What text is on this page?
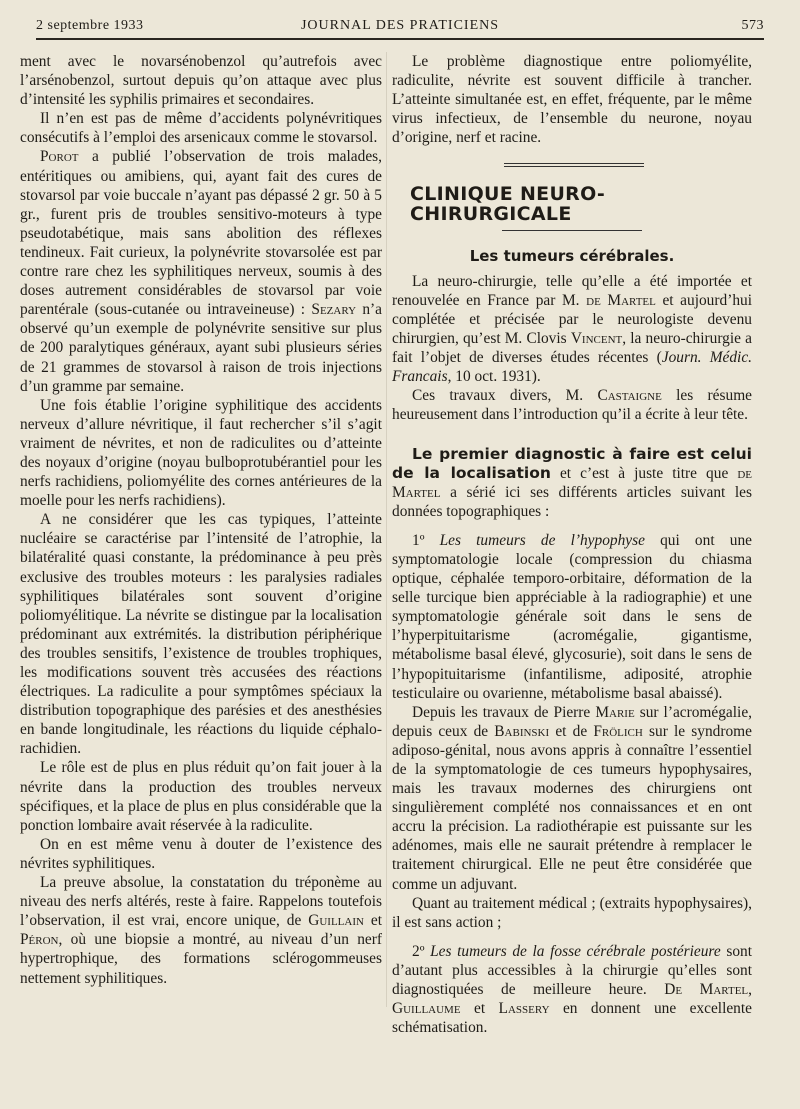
2 septembre 1933	JOURNAL DES PRATICIENS	573

ment avec le novarsénobenzol qu’autrefois avec l’arsénobenzol, surtout depuis qu’on attaque avec plus d’intensité les syphilis primaires et secondaires.

Il n’en est pas de même d’accidents polynévritiques consécutifs à l’emploi des arsenicaux comme le stovarsol.

Porot a publié l’observation de trois malades, entéritiques ou amibiens, qui, ayant fait des cures de stovarsol par voie buccale n’ayant pas dépassé 2 gr. 50 à 5 gr., furent pris de troubles sensitivo-moteurs à type pseudotabétique, mais sans abolition des réflexes tendineux. Fait curieux, la polynévrite stovarsolée est par contre rare chez les syphilitiques nerveux, soumis à des doses autrement considérables de stovarsol par voie parentérale (sous-cutanée ou intraveineuse) : Sezary n’a observé qu’un exemple de polynévrite sensitive sur plus de 200 paralytiques généraux, ayant subi plusieurs séries de 21 grammes de stovarsol à raison de trois injections d’un gramme par semaine.

Une fois établie l’origine syphilitique des accidents nerveux d’allure névritique, il faut rechercher s’il s’agit vraiment de névrites, et non de radiculites ou d’atteinte des noyaux d’origine (noyau bulboprotubérantiel pour les nerfs rachidiens, poliomyélite des cornes antérieures de la moelle pour les nerfs rachidiens).

A ne considérer que les cas typiques, l’atteinte nucléaire se caractérise par l’intensité de l’atrophie, la bilatéralité quasi constante, la prédominance à peu près exclusive des troubles moteurs : les paralysies radiales syphilitiques bilatérales sont souvent d’origine poliomyélitique. La névrite se distingue par la localisation prédominant aux extrémités. la distribution périphérique des troubles sensitifs, l’existence de troubles trophiques, les modifications souvent très accusées des réactions électriques. La radiculite a pour symptômes spéciaux la distribution topographique des parésies et des anesthésies en bande longitudinale, les réactions du liquide céphalo-rachidien.

Le rôle est de plus en plus réduit qu’on fait jouer à la névrite dans la production des troubles nerveux spécifiques, et la place de plus en plus considérable que la ponction lombaire avait réservée à la radiculite.

On en est même venu à douter de l’existence des névrites syphilitiques.

La preuve absolue, la constatation du tréponème au niveau des nerfs altérés, reste à faire. Rappelons toutefois l’observation, il est vrai, encore unique, de Guillain et Péron, où une biopsie a montré, au niveau d’un nerf hypertrophique, des formations sclérogommeuses nettement syphilitiques.

Le problème diagnostique entre poliomyélite, radiculite, névrite est souvent difficile à trancher. L’atteinte simultanée est, en effet, fréquente, par le même virus infectieux, de l’ensemble du neurone, noyau d’origine, nerf et racine.

CLINIQUE NEURO-CHIRURGICALE
Les tumeurs cérébrales.

La neuro-chirurgie, telle qu’elle a été importée et renouvelée en France par M. de Martel et aujourd’hui complétée et précisée par le neurologiste devenu chirurgien, qu’est M. Clovis Vincent, la neuro-chirurgie a fait l’objet de diverses études récentes (Journ. Médic. Francais, 10 oct. 1931).

Ces travaux divers, M. Castaigne les résume heureusement dans l’introduction qu’il a écrite à leur tête.

Le premier diagnostic à faire est celui de la localisation et c’est à juste titre que de Martel a sérié ici ses différents articles suivant les données topographiques :

1º Les tumeurs de l’hypophyse qui ont une symptomatologie locale (compression du chiasma optique, céphalée temporo-orbitaire, déformation de la selle turcique bien appréciable à la radiographie) et une symptomatologie générale soit dans le sens de l’hyperpituitarisme (acromégalie, gigantisme, métabolisme basal élevé, glycosurie), soit dans le sens de l’hypopituitarisme (infantilisme, adiposité, atrophie testiculaire ou ovarienne, métabolisme basal abaissé).

Depuis les travaux de Pierre Marie sur l’acromégalie, depuis ceux de Babinski et de Frölich sur le syndrome adiposo-génital, nous avons appris à connaître l’essentiel de la symptomatologie de ces tumeurs hypophysaires, mais les travaux modernes des chirurgiens ont singulièrement complété nos connaissances et en ont accru la précision. La radiothérapie est puissante sur les adénomes, mais elle ne saurait prétendre à remplacer le traitement chirurgical. Elle ne peut être considérée que comme un adjuvant.

Quant au traitement médical ; (extraits hypophysaires), il est sans action ;

2º Les tumeurs de la fosse cérébrale postérieure sont d’autant plus accessibles à la chirurgie qu’elles sont diagnostiquées de meilleure heure. De Martel, Guillaume et Lassery en donnent une excellente schématisation.
